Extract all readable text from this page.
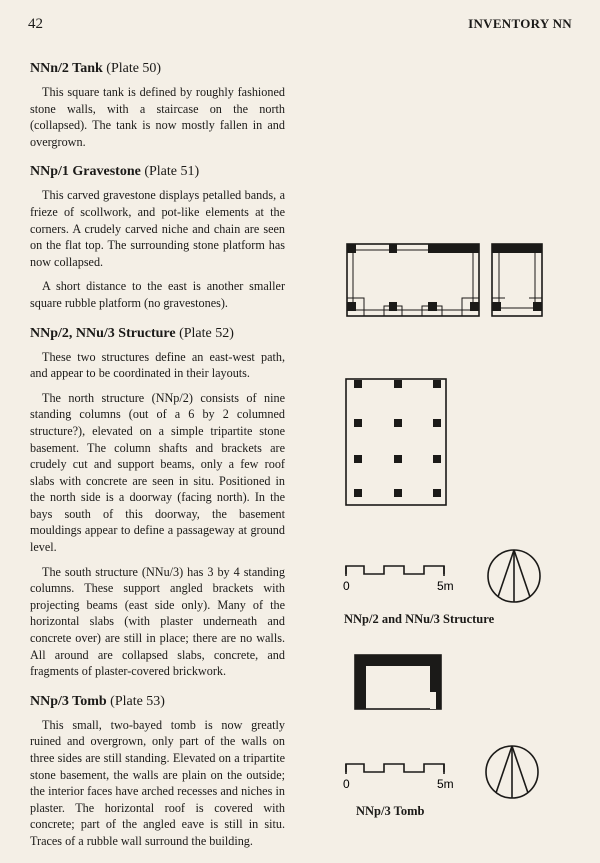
42	INVENTORY NN
NNn/2 Tank (Plate 50)

This square tank is defined by roughly fashioned stone walls, with a staircase on the north (collapsed). The tank is now mostly fallen in and overgrown.

NNp/1 Gravestone (Plate 51)

This carved gravestone displays petalled bands, a frieze of scollwork, and pot-like elements at the corners. A crudely carved niche and chain are seen on the flat top. The surrounding stone platform has now collapsed.

A short distance to the east is another smaller square rubble platform (no gravestones).

NNp/2, NNu/3 Structure (Plate 52)

These two structures define an east-west path, and appear to be coordinated in their layouts.

The north structure (NNp/2) consists of nine standing columns (out of a 6 by 2 columned structure?), elevated on a simple tripartite stone basement. The column shafts and brackets are crudely cut and support beams, only a few roof slabs with concrete are seen in situ. Positioned in the north side is a doorway (facing north). In the bays south of this doorway, the basement mouldings appear to define a passageway at ground level.

The south structure (NNu/3) has 3 by 4 standing columns. These support angled brackets with projecting beams (east side only). Many of the horizontal slabs (with plaster underneath and concrete over) are still in place; there are no walls. All around are collapsed slabs, concrete, and fragments of plaster-covered brickwork.

NNp/3 Tomb (Plate 53)

This small, two-bayed tomb is now greatly ruined and overgrown, only part of the walls on three sides are still standing. Elevated on a tripartite stone basement, the walls are plain on the outside; the interior faces have arched recesses and niches in plaster. The horizontal roof is covered with concrete; part of the angled eave is still in situ. Traces of a rubble wall surround the building.

0	5m
NNp/2 and NNu/3 Structure
0	5m
NNp/3 Tomb
